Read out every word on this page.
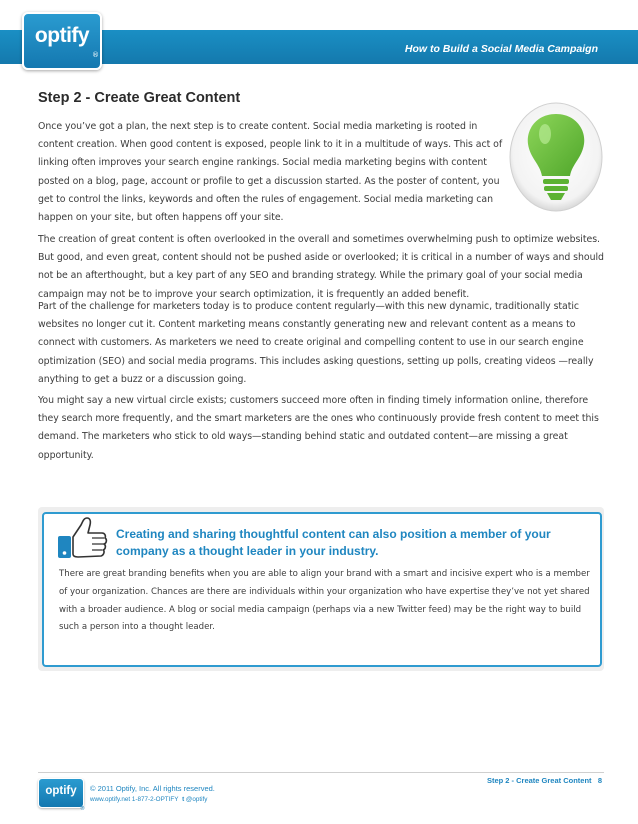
optify
®	How to Build a Social Media Campaign
Step 2 - Create Great Content

Once you’ve got a plan, the next step is to create content. Social media marketing is rooted in content creation. When good content is exposed, people link to it in a multitude of ways. This act of linking often improves your search engine rankings. Social media marketing begins with content posted on a blog, page, account or profile to get a discussion started. As the poster of content, you get to control the links, keywords and often the rules of engagement. Social media marketing can happen on your site, but often happens off your site.

The creation of great content is often overlooked in the overall and sometimes overwhelming push to optimize websites. But good, and even great, content should not be pushed aside or overlooked; it is critical in a number of ways and should not be an afterthought, but a key part of any SEO and branding strategy. While the primary goal of your social media campaign may not be to improve your search optimization, it is frequently an added benefit.

Part of the challenge for marketers today is to produce content regularly—with this new dynamic, traditionally static websites no longer cut it. Content marketing means constantly generating new and relevant content as a means to connect with customers. As marketers we need to create original and compelling content to use in our search engine optimization (SEO) and social media programs. This includes asking questions, setting up polls, creating videos —really anything to get a buzz or a discussion going.

You might say a new virtual circle exists; customers succeed more often in finding timely information online, therefore they search more frequently, and the smart marketers are the ones who continuously provide fresh content to meet this demand. The marketers who stick to old ways—standing behind static and outdated content—are missing a great opportunity.

Creating and sharing thoughtful content can also position a member of your company as a thought leader in your industry.

There are great branding benefits when you are able to align your brand with a smart and incisive expert who is a member of your organization. Chances are there are individuals within your organization who have expertise they’ve not yet shared with a broader audience. A blog or social media campaign (perhaps via a new Twitter feed) may be the right way to build such a person into a thought leader.

Step 2 - Create Great Content 8
optify
®
© 2011 Optify, Inc. All rights reserved.
www.optify.net 1-877-2-OPTIFY t @optify
